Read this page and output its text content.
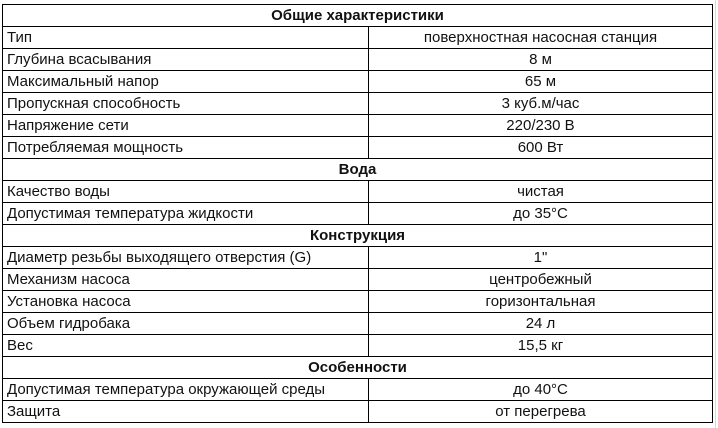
Общие характеристики	
Тип	поверхностная насосная станция
Глубина всасывания	8 м
Максимальный напор	65 м
Пропускная способность	3 куб.м/час
Напряжение сети	220/230 В
Потребляемая мощность	600 Вт
Вода	
Качество воды	чистая
Допустимая температура жидкости	до 35°C
Конструкция	
Диаметр резьбы выходящего отверстия (G)	1"
Механизм насоса	центробежный
Установка насоса	горизонтальная
Объем гидробака	24 л
Вес	15,5 кг
Особенности	
Допустимая температура окружающей среды	до 40°C
Защита	от перегрева
